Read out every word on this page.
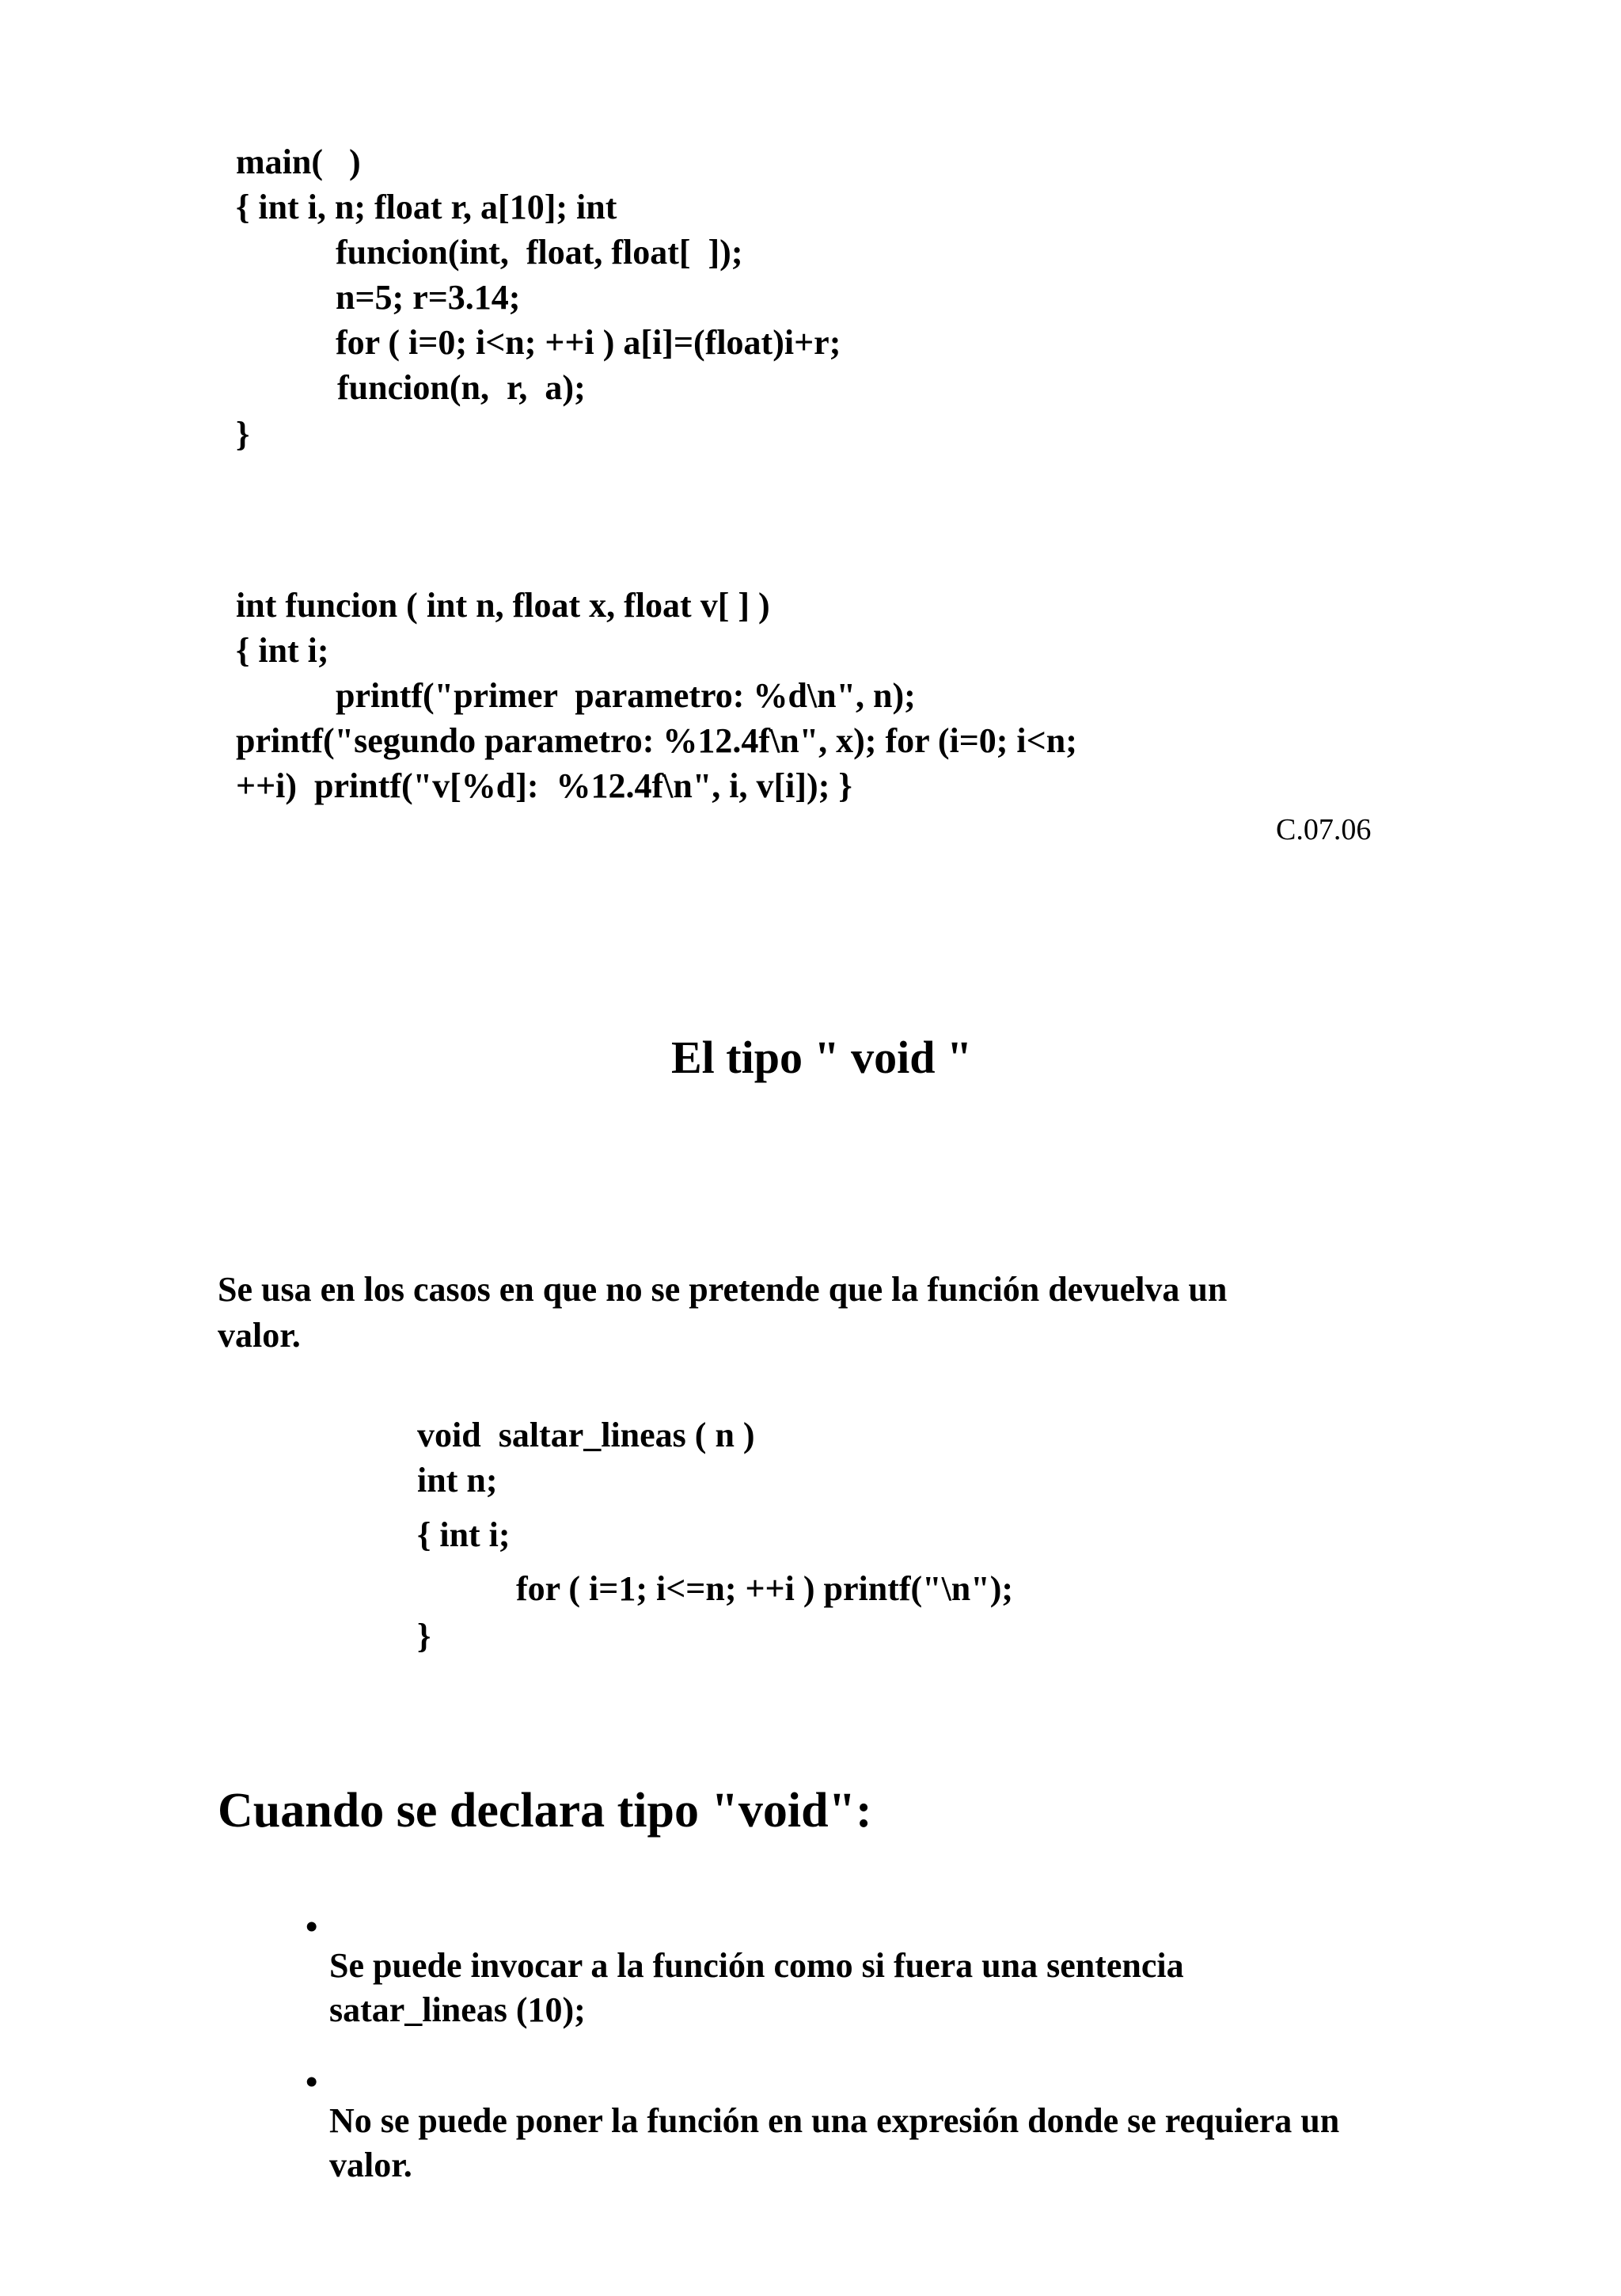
main(   )

{ int i, n; float r, a[10]; int

funcion(int,  float, float[  ]);

n=5; r=3.14;

for ( i=0; i<n; ++i ) a[i]=(float)i+r;

funcion(n,  r,  a);

}

int funcion ( int n, float x, float v[ ] )

{ int i;

printf("primer  parametro: %d\n", n);

printf("segundo parametro: %12.4f\n", x); for (i=0; i<n;

++i)  printf("v[%d]:  %12.4f\n", i, v[i]); }

C.07.06
El tipo " void "

Se usa en los casos en que no se pretende que la función devuelva un

valor.

void  saltar_lineas ( n )

int n;

{ int i;

for ( i=1; i<=n; ++i ) printf("\n");

}

Cuando se declara tipo "void":
•

Se puede invocar a la función como si fuera una sentencia

satar_lineas (10);

•

No se puede poner la función en una expresión donde se requiera un

valor.
